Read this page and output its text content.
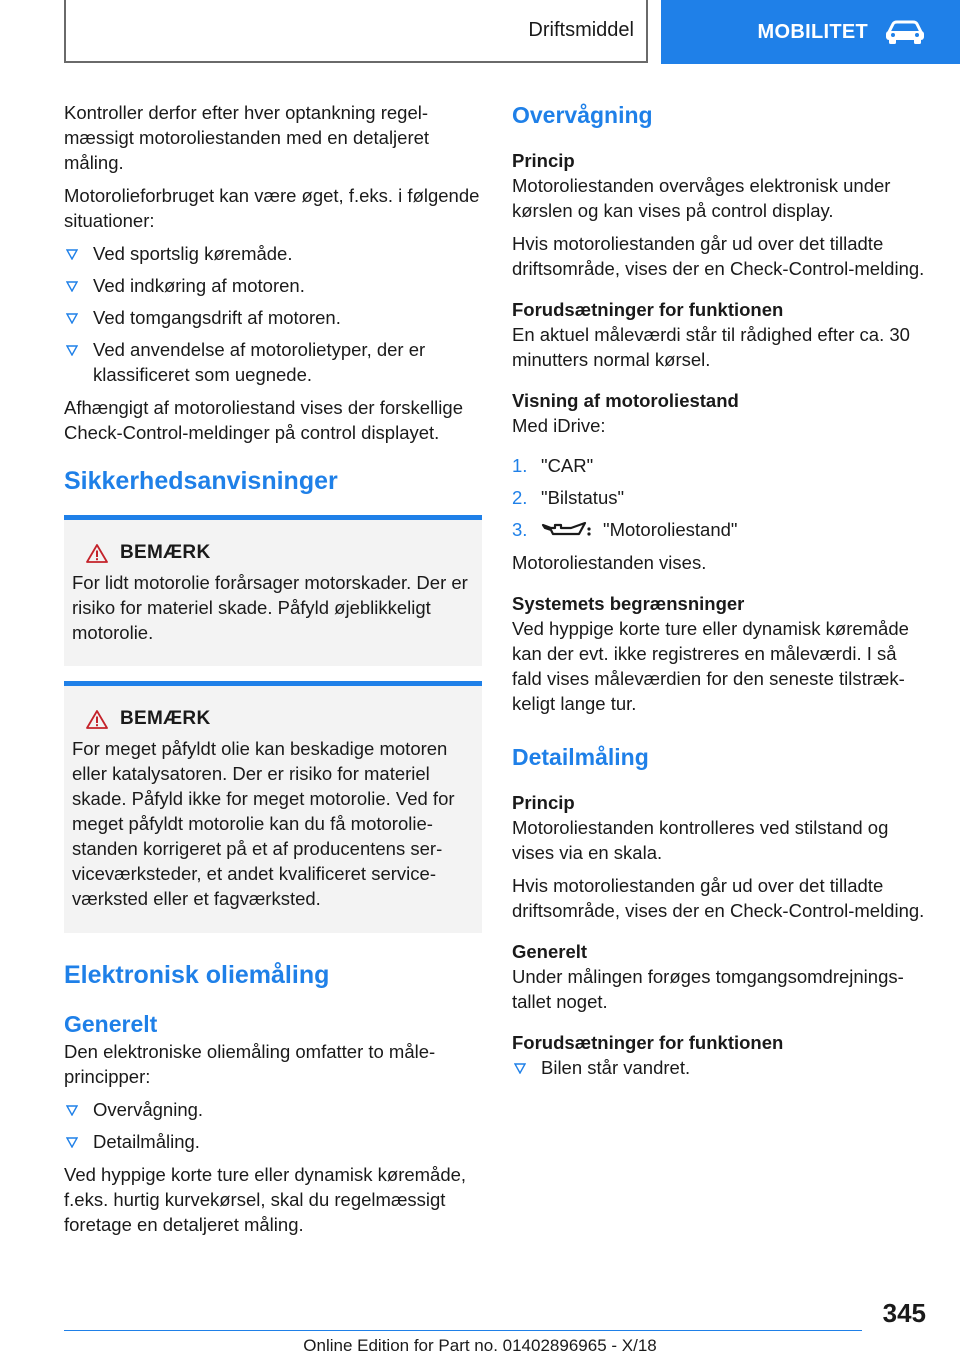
Driftsmiddel	MOBILITET

Kontroller derfor efter hver optankning regelmæssigt motoroliestanden med en detaljeret måling.

Motorolieforbruget kan være øget, f.eks. i følgende situationer:

Ved sportslig køremåde.
Ved indkøring af motoren.
Ved tomgangsdrift af motoren.
Ved anvendelse af motorolietyper, der er klassificeret som uegnede.

Afhængigt af motoroliestand vises der forskellige Check-Control-meldinger på control displayet.

Sikkerhedsanvisninger
BEMÆRK

For lidt motorolie forårsager motorskader. Der er risiko for materiel skade. Påfyld øjeblikkeligt motorolie.

BEMÆRK

For meget påfyldt olie kan beskadige motoren eller katalysatoren. Der er risiko for materiel skade. Påfyld ikke for meget motorolie. Ved for meget påfyldt motorolie kan du få motoroliestanden korrigeret på et af producentens serviceværksteder, et andet kvalificeret serviceværksted eller et fagværksted.

Elektronisk oliemåling
Generelt

Den elektroniske oliemåling omfatter to måleprincipper:

Overvågning.
Detailmåling.

Ved hyppige korte ture eller dynamisk køremåde, f.eks. hurtig kurvekørsel, skal du regelmæssigt foretage en detaljeret måling.

Overvågning
Princip

Motoroliestanden overvåges elektronisk under kørslen og kan vises på control display.

Hvis motoroliestanden går ud over det tilladte driftsområde, vises der en Check-Control-melding.

Forudsætninger for funktionen

En aktuel måleværdi står til rådighed efter ca. 30 minutters normal kørsel.

Visning af motoroliestand

Med iDrive:

1. "CAR"
2. "Bilstatus"
3.	"Motoroliestand"

Motoroliestanden vises.

Systemets begrænsninger

Ved hyppige korte ture eller dynamisk køremåde kan der evt. ikke registreres en måleværdi. I så fald vises måleværdien for den seneste tilstrækkeligt lange tur.

Detailmåling
Princip

Motoroliestanden kontrolleres ved stilstand og vises via en skala.

Hvis motoroliestanden går ud over det tilladte driftsområde, vises der en Check-Control-melding.

Generelt

Under målingen forøges tomgangsomdrejningstallet noget.

Forudsætninger for funktionen
Bilen står vandret.
345
Online Edition for Part no. 01402896965 - X/18
